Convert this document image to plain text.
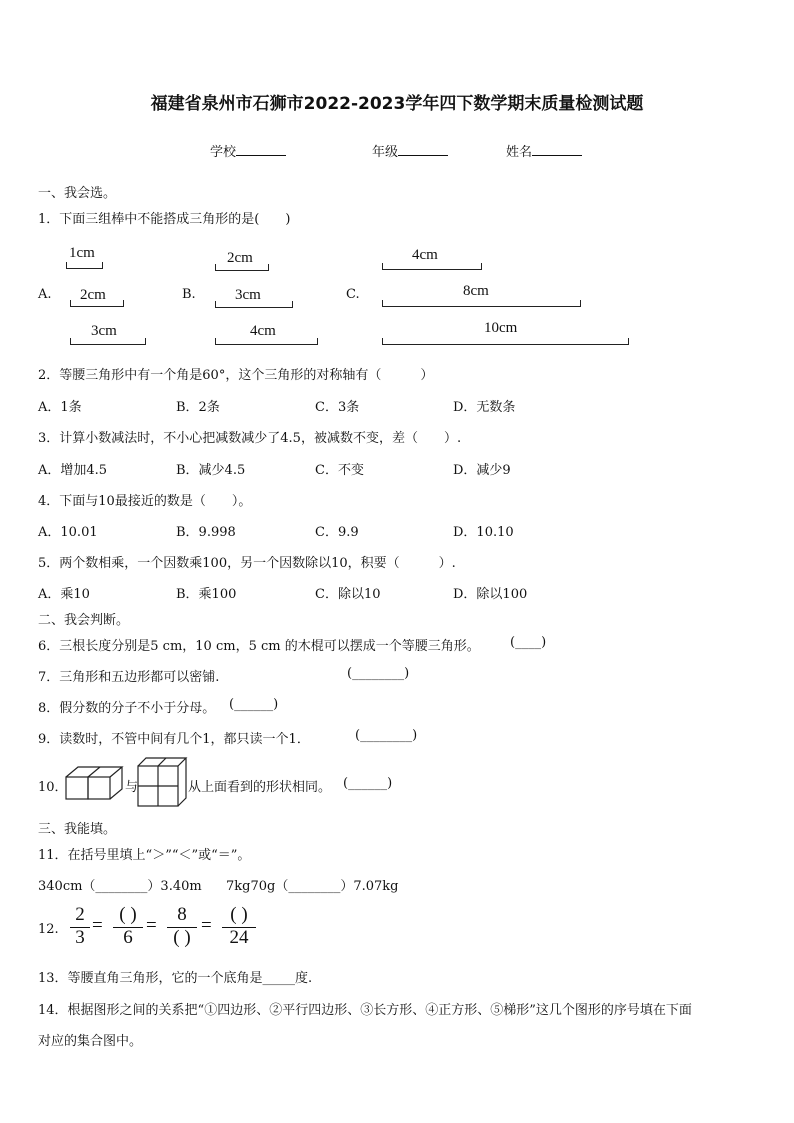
福建省泉州市石狮市2022-2023学年四下数学期末质量检测试题
学校	年级	姓名
一、我会选。
1．下面三组棒中不能搭成三角形的是(　　)
A.	B.	C.
1cm
2cm
3cm
2cm
3cm
4cm
4cm
8cm
10cm
2．等腰三角形中有一个角是60°，这个三角形的对称轴有（　　　）
A．1条	B．2条	C．3条	D．无数条
3．计算小数减法时，不小心把减数减少了4.5，被减数不变，差（　　）.
A．增加4.5	B．减少4.5	C．不变	D．减少9
4．下面与10最接近的数是（　　）。
A．10.01	B．9.998	C．9.9	D．10.10
5．两个数相乘，一个因数乘100，另一个因数除以10，积要（　　　）.
A．乘10	B．乘100	C．除以10	D．除以100
二、我会判断。
6．三根长度分别是5 cm，10 cm，5 cm 的木棍可以摆成一个等腰三角形。 (____)
7．三角形和五边形都可以密铺.	(________)
8．假分数的分子不小于分母。 (______)
9．读数时，不管中间有几个1，都只读一个1．	(________)
10．	与	从上面看到的形状相同。 (______)
三、我能填。
11．在括号里填上“＞”“＜”或“＝”。
340cm（________）3.40m 7kg70g（________）7.07kg
12.
2
3
=
( )
6
=
8
( )
=
( )
24
13．等腰直角三角形，它的一个底角是_____度.
14．根据图形之间的关系把“①四边形、②平行四边形、③长方形、④正方形、⑤梯形”这几个图形的序号填在下面
对应的集合图中。
